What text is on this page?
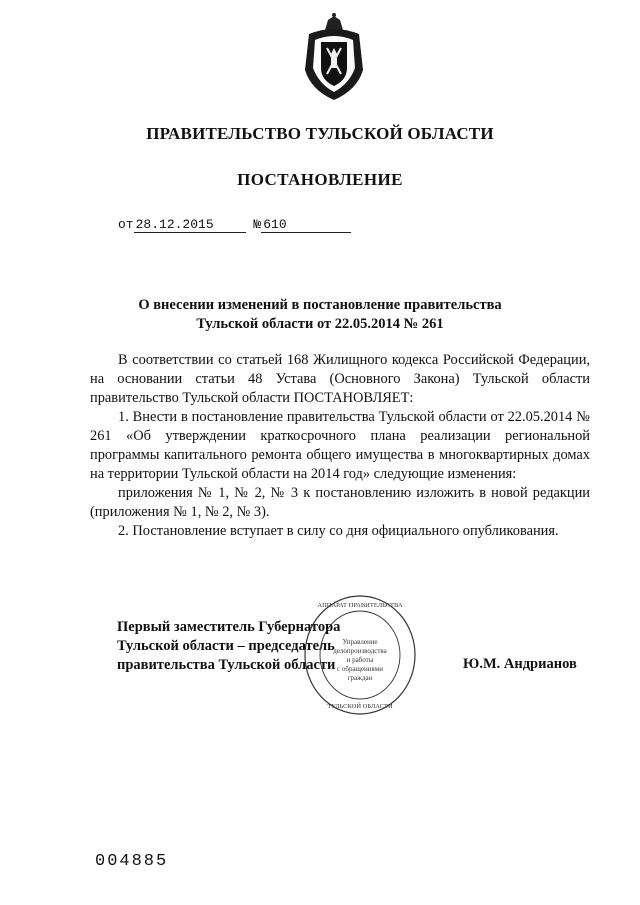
ПРАВИТЕЛЬСТВО ТУЛЬСКОЙ ОБЛАСТИ
ПОСТАНОВЛЕНИЕ
от 28.12.2015	№ 610
О внесении изменений в постановление правительства
Тульской области от 22.05.2014 № 261

В соответствии со статьей 168 Жилищного кодекса Российской Федерации, на основании статьи 48 Устава (Основного Закона) Тульской области правительство Тульской области ПОСТАНОВЛЯЕТ:

1. Внести в постановление правительства Тульской области от 22.05.2014 № 261 «Об утверждении краткосрочного плана реализации региональной программы капитального ремонта общего имущества в многоквартирных домах на территории Тульской области на 2014 год» следующие изменения:

приложения № 1, № 2, № 3 к постановлению изложить в новой редакции (приложения № 1, № 2, № 3).

2. Постановление вступает в силу со дня официального опубликования.

Первый заместитель Губернатора
Тульской области – председатель
правительства Тульской области
Управление
делопроизводства
и работы
с обращениями
граждан
АППАРАТ ПРАВИТЕЛЬСТВА
ТУЛЬСКОЙ ОБЛАСТИ
Ю.М. Андрианов
004885
